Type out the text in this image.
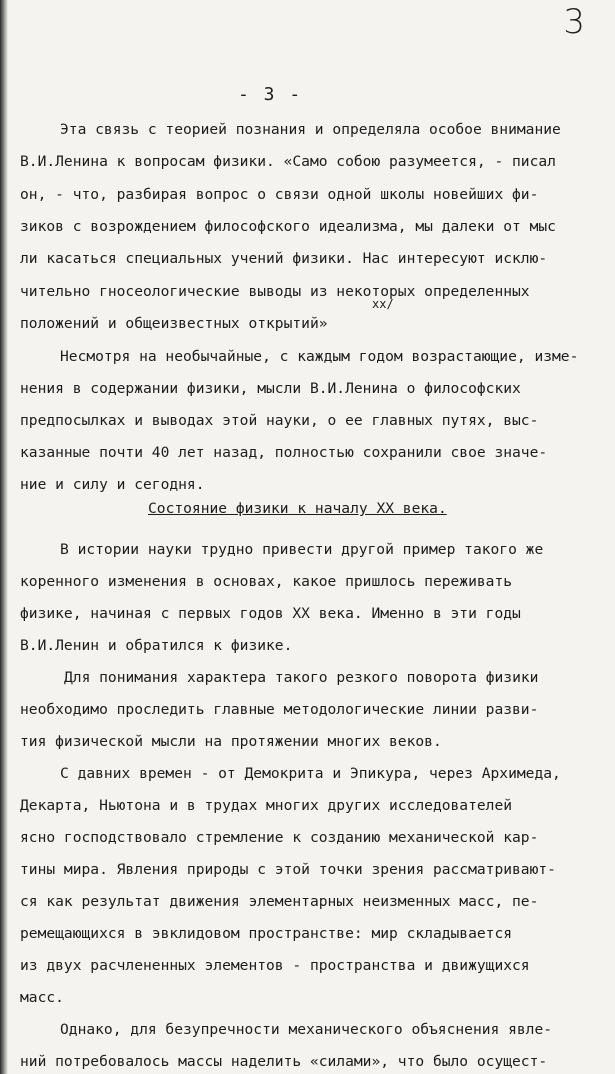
3
- 3 -
Эта связь с теорией познания и определяла особое внимание
В.И.Ленина к вопросам физики. «Само собою разумеется, - писал
он, - что, разбирая вопрос о связи одной школы новейших фи-
зиков с возрождением философского идеализма, мы далеки от мыс
ли касаться специальных учений физики. Нас интересуют исклю-
чительно гносеологические выводы из некоторых определенных
xx/
положений и общеизвестных открытий»
Несмотря на необычайные, с каждым годом возрастающие, изме-
нения в содержании физики, мысли В.И.Ленина о философских
предпосылках и выводах этой науки, о ее главных путях, выс-
казанные почти 40 лет назад, полностью сохранили свое значе-
ние и силу и сегодня.
Состояние физики к началу XX века.
В истории науки трудно привести другой пример такого же
коренного изменения в основах, какое пришлось переживать
физике, начиная с первых годов XX века. Именно в эти годы
В.И.Ленин и обратился к физике.
Для понимания характера такого резкого поворота физики
необходимо проследить главные методологические линии разви-
тия физической мысли на протяжении многих веков.
С давних времен - от Демокрита и Эпикура, через Архимеда,
Декарта, Ньютона и в трудах многих других исследователей
ясно господствовало стремление к созданию механической кар-
тины мира. Явления природы с этой точки зрения рассматривают-
ся как результат движения элементарных неизменных масс, пе-
ремещающихся в эвклидовом пространстве: мир складывается
из двух расчлененных элементов - пространства и движущихся
масс.
Однако, для безупречности механического объяснения явле-
ний потребовалось массы наделить «силами», что было осущест-
